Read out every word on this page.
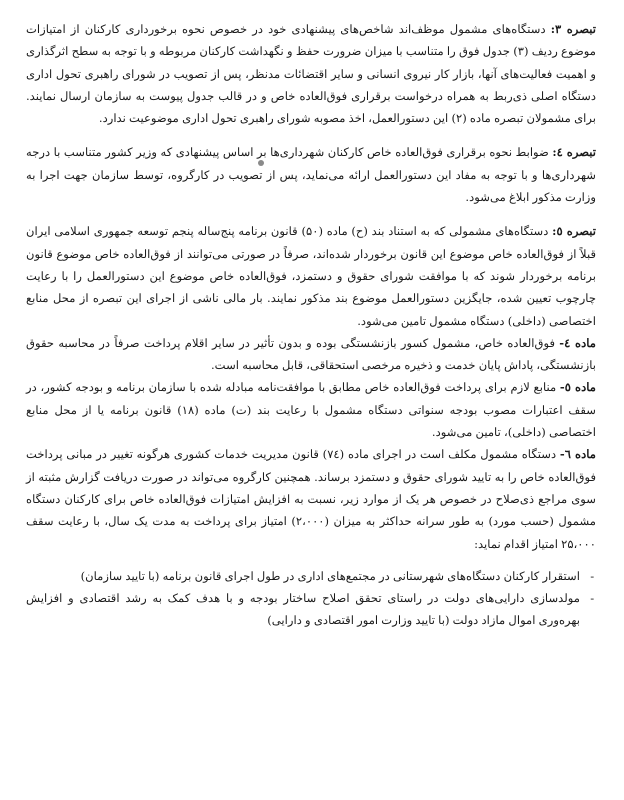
تبصره ۳: دستگاه‌های مشمول موظف‌اند شاخص‌های پیشنهادی خود در خصوص نحوه برخورداری کارکنان از امتیازات موضوع ردیف (۳) جدول فوق را متناسب با میزان ضرورت حفظ و نگهداشت کارکنان مربوطه و با توجه به سطح اثرگذاری و اهمیت فعالیت‌های آنها، بازار کار نیروی انسانی و سایر اقتضائات مدنظر، پس از تصویب در شورای راهبری تحول اداری دستگاه اصلی ذی‌ربط به همراه درخواست برقراری فوق‌العاده خاص و در قالب جدول پیوست به سازمان ارسال نمایند. برای مشمولان تبصره ماده (۲) این دستورالعمل، اخذ مصوبه شورای راهبری تحول اداری موضوعیت ندارد.

تبصره ٤: ضوابط نحوه برقراری فوق‌العاده خاص کارکنان شهرداری‌ها بر اساس پیشنهادی که وزیر کشور متناسب با درجه شهرداری‌ها و با توجه به مفاد این دستورالعمل ارائه می‌نماید، پس از تصویب در کارگروه، توسط سازمان جهت اجرا به وزارت مذکور ابلاغ می‌شود.

تبصره ٥: دستگاه‌های مشمولی که به استناد بند (ح) ماده (۵۰) قانون برنامه پنج‌ساله پنجم توسعه جمهوری اسلامی ایران قبلاً از فوق‌العاده خاص موضوع این قانون برخوردار شده‌اند، صرفاً در صورتی می‌توانند از فوق‌العاده خاص موضوع قانون برنامه برخوردار شوند که با موافقت شورای حقوق و دستمزد، فوق‌العاده خاص موضوع این دستورالعمل را با رعایت چارچوب تعیین شده، جایگزین دستورالعمل موضوع بند مذکور نمایند. بار مالی ناشی از اجرای این تبصره از محل منابع اختصاصی (داخلی) دستگاه مشمول تامین می‌شود.

ماده ٤- فوق‌العاده خاص، مشمول کسور بازنشستگی بوده و بدون تأثیر در سایر اقلام پرداخت صرفاً در محاسبه حقوق بازنشستگی، پاداش پایان خدمت و ذخیره مرخصی استحقاقی، قابل محاسبه است.

ماده ٥- منابع لازم برای پرداخت فوق‌العاده خاص مطابق با موافقت‌نامه مبادله شده با سازمان برنامه و بودجه کشور، در سقف اعتبارات مصوب بودجه سنواتی دستگاه مشمول با رعایت بند (ت) ماده (۱۸) قانون برنامه یا از محل منابع اختصاصی (داخلی)، تامین می‌شود.

ماده ٦- دستگاه مشمول مکلف است در اجرای ماده (۷٤) قانون مدیریت خدمات کشوری هرگونه تغییر در مبانی پرداخت فوق‌العاده خاص را به تایید شورای حقوق و دستمزد برساند. همچنین کارگروه می‌تواند در صورت دریافت گزارش مثبته از سوی مراجع ذی‌صلاح در خصوص هر یک از موارد زیر، نسبت به افزایش امتیازات فوق‌العاده خاص برای کارکنان دستگاه مشمول (حسب مورد) به طور سرانه حداکثر به میزان (۲،۰۰۰) امتیاز برای پرداخت به مدت یک سال، با رعایت سقف ۲۵،۰۰۰ امتیاز اقدام نماید:

-
استقرار کارکنان دستگاه‌های شهرستانی در مجتمع‌های اداری در طول اجرای قانون برنامه (با تایید سازمان)
-
مولدسازی دارایی‌های دولت در راستای تحقق اصلاح ساختار بودجه و با هدف کمک به رشد اقتصادی و افزایش بهره‌وری اموال مازاد دولت (با تایید وزارت امور اقتصادی و دارایی)
